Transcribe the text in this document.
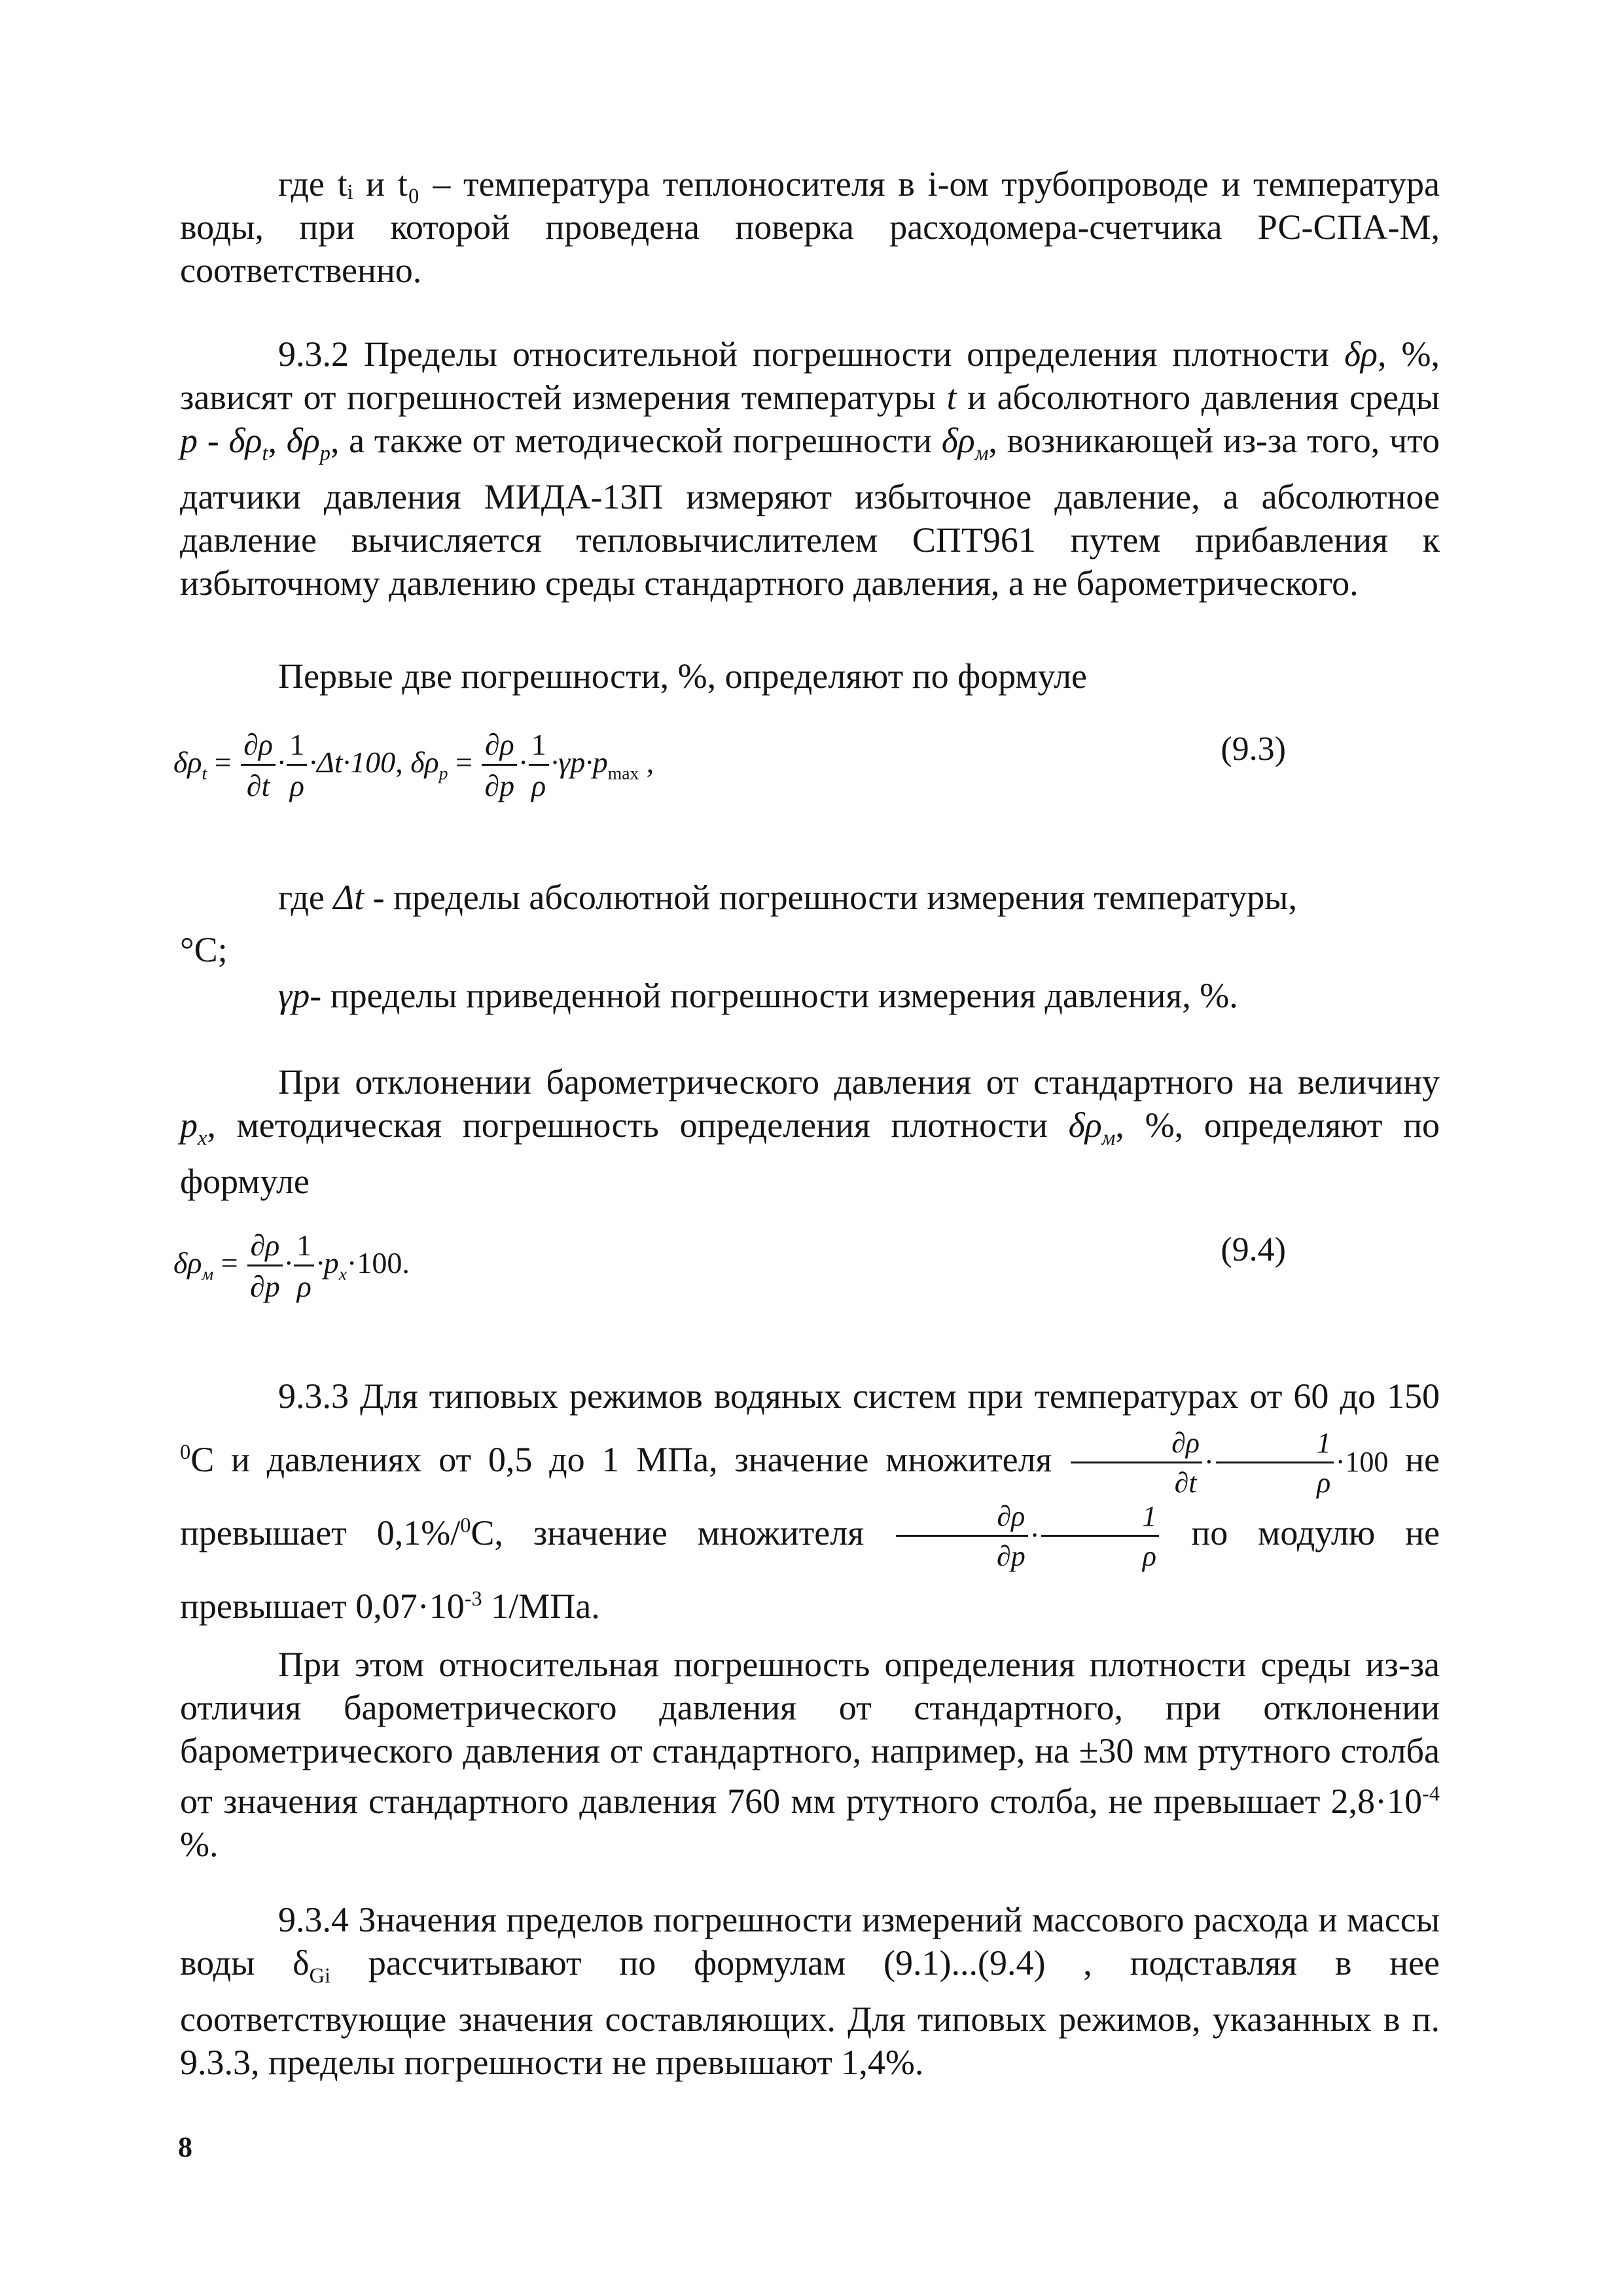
где tᵢ и t₀ – температура теплоносителя в i-ом трубопроводе и температура воды, при которой проведена поверка расходомера-счетчика РС-СПА-М, соответственно.

9.3.2 Пределы относительной погрешности определения плотности δρ, %, зависят от погрешностей измерения температуры t и абсолютного давления среды p - $\delta\rho_t$, $\delta\rho_p$, а также от методической погрешности $\delta\rho_м$, возникающей из-за того, что датчики давления МИДА-13П измеряют избыточное давление, а абсолютное давление вычисляется тепловычислителем СПТ961 путем прибавления к избыточному давлению среды стандартного давления, а не барометрического.

Первые две погрешности, %, определяют по формуле

$\delta\rho_t = \frac{\partial\rho}{\partial t} \cdot \frac{1}{\rho} \cdot\Delta t\cdot 100$, $\delta\rho_p = \frac{\partial\rho}{\partial p} \cdot \frac{1}{\rho} \cdot\gamma p\cdot p_{max}$ ,	(9.3)
где Δt - пределы абсолютной погрешности измерения температуры,
°C;
γp- пределы приведенной погрешности измерения давления, %.

При отклонении барометрического давления от стандартного на величину $p_x$, методическая погрешность определения плотности $\delta\rho_м$, %, определяют по формуле

$\delta\rho_м = \frac{\partial\rho}{\partial p} \cdot \frac{1}{\rho} \cdot p_x\cdot 100$.	(9.4)

9.3.3 Для типовых режимов водяных систем при температурах от 60 до 150 $^0$С и давлениях от 0,5 до 1 МПа, значение множителя $\frac{\partial\rho}{\partial t} \cdot \frac{1}{\rho} \cdot 100$ не превышает 0,1%/$^0$С, значение множителя $\frac{\partial\rho}{\partial p} \cdot \frac{1}{\rho}$ по модулю не превышает $0,07\cdot 10^{-3}$ 1/МПа.

При этом относительная погрешность определения плотности среды из-за отличия барометрического давления от стандартного, при отклонении барометрического давления от стандартного, например, на ±30 мм ртутного столба от значения стандартного давления 760 мм ртутного столба, не превышает $2,8\cdot 10^{-4}$ %.

9.3.4 Значения пределов погрешности измерений массового расхода и массы воды $\delta_{Gi}$ рассчитывают по формулам (9.1)...(9.4) , подставляя в нее соответствующие значения составляющих. Для типовых режимов, указанных в п. 9.3.3, пределы погрешности не превышают 1,4%.

8
